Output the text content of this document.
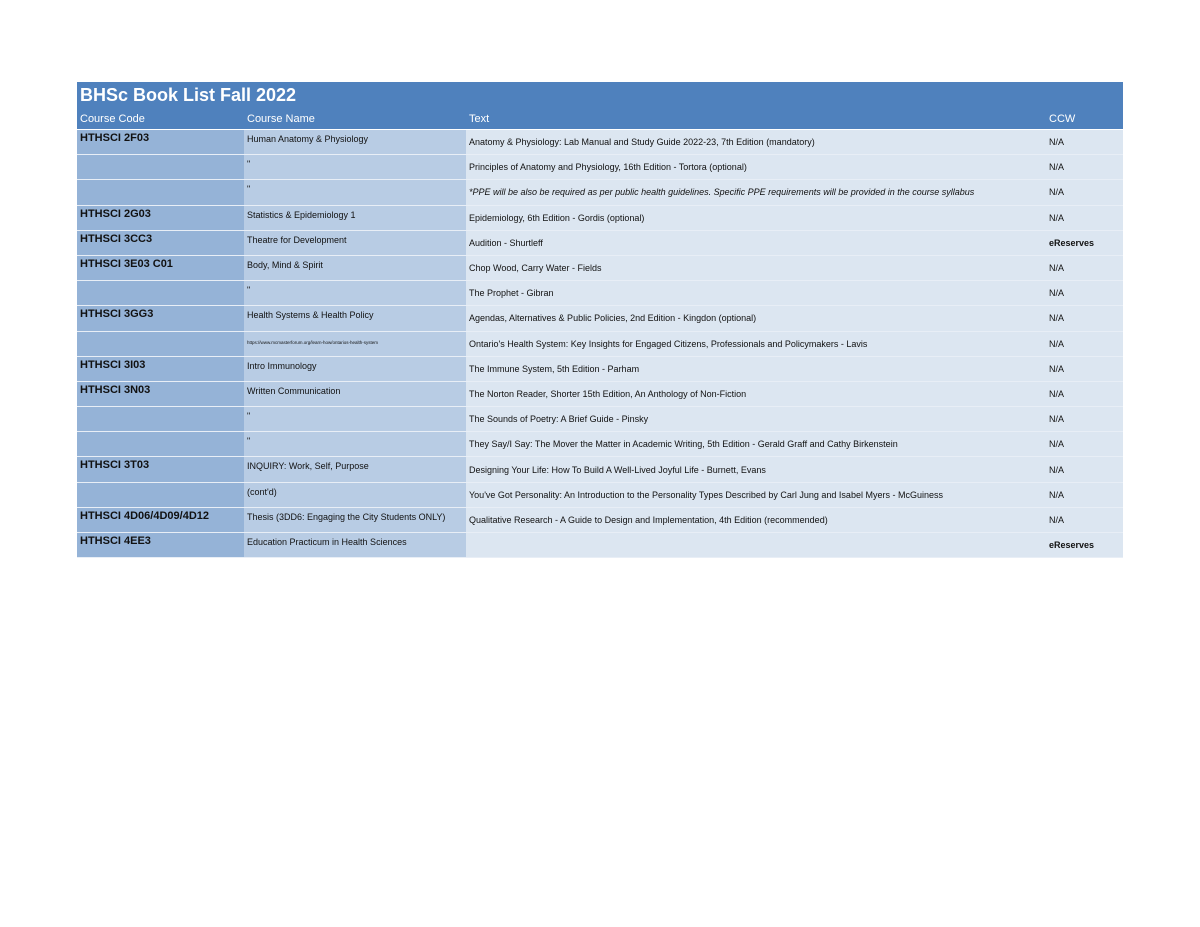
BHSc Book List Fall 2022
Course Code	Course Name	Text	CCW
HTHSCI 2F03	Human Anatomy & Physiology	Anatomy & Physiology: Lab Manual and Study Guide 2022-23, 7th Edition (mandatory)	N/A
	"	Principles of Anatomy and Physiology, 16th Edition - Tortora (optional)	N/A
	"	*PPE will be also be required as per public health guidelines. Specific PPE requirements will be provided in the course syllabus	N/A
HTHSCI 2G03	Statistics & Epidemiology 1	Epidemiology, 6th Edition - Gordis (optional)	N/A
HTHSCI 3CC3	Theatre for Development	Audition - Shurtleff	eReserves
HTHSCI 3E03 C01	Body, Mind & Spirit	Chop Wood, Carry Water - Fields	N/A
	"	The Prophet - Gibran	N/A
HTHSCI 3GG3	Health Systems & Health Policy	Agendas, Alternatives & Public Policies, 2nd Edition - Kingdon (optional)	N/A
	https://www.mcmasterforum.org/learn-how/ontarios-health-system	Ontario's Health System: Key Insights for Engaged Citizens, Professionals and Policymakers - Lavis	N/A
HTHSCI 3I03	Intro Immunology	The Immune System, 5th Edition - Parham	N/A
HTHSCI 3N03	Written Communication	The Norton Reader, Shorter 15th Edition, An Anthology of Non-Fiction	N/A
	"	The Sounds of Poetry: A Brief Guide - Pinsky	N/A
	"	They Say/I Say: The Mover the Matter in Academic Writing, 5th Edition - Gerald Graff and Cathy Birkenstein	N/A
HTHSCI 3T03	INQUIRY: Work, Self, Purpose	Designing Your Life: How To Build A Well-Lived Joyful Life - Burnett, Evans	N/A
	(cont'd)	You've Got Personality: An Introduction to the Personality Types Described by Carl Jung and Isabel Myers - McGuiness	N/A
HTHSCI 4D06/4D09/4D12	Thesis (3DD6: Engaging the City Students ONLY)	Qualitative Research - A Guide to Design and Implementation, 4th Edition (recommended)	N/A
HTHSCI 4EE3	Education Practicum in Health Sciences		eReserves
